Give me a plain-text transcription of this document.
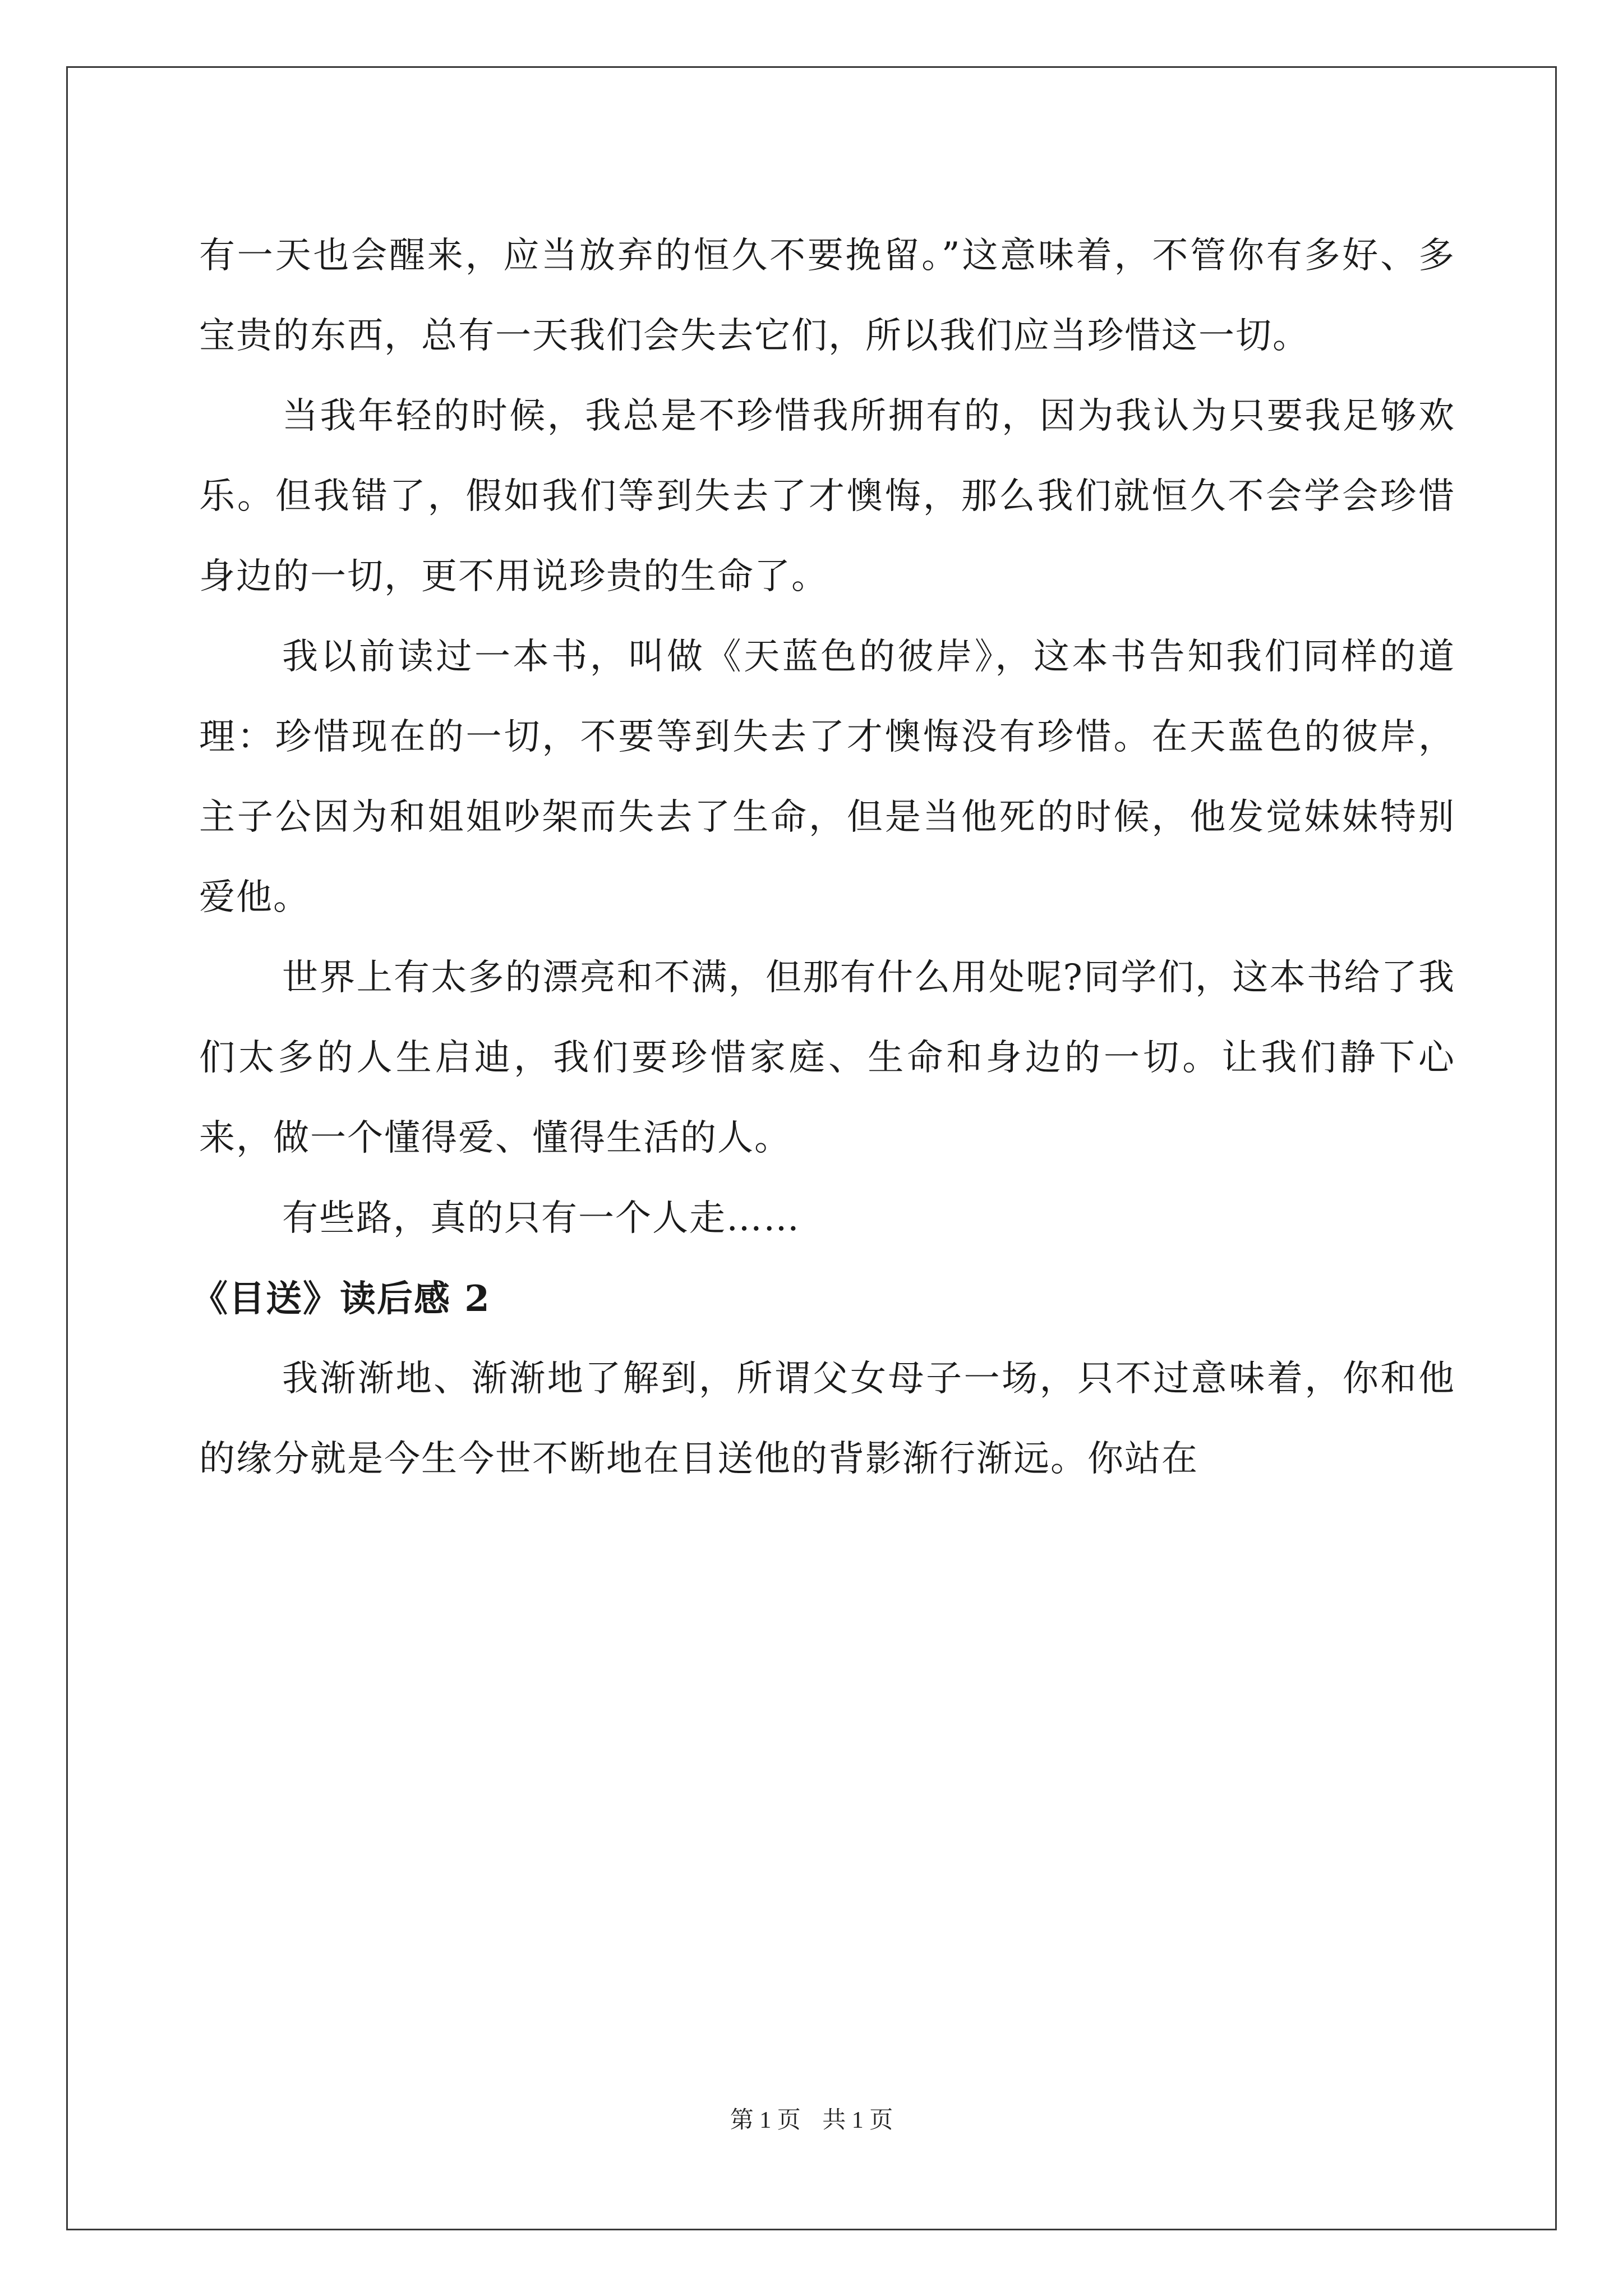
有一天也会醒来，应当放弃的恒久不要挽留。”这意味着，不管你有多好、多宝贵的东西，总有一天我们会失去它们，所以我们应当珍惜这一切。

当我年轻的时候，我总是不珍惜我所拥有的，因为我认为只要我足够欢乐。但我错了，假如我们等到失去了才懊悔，那么我们就恒久不会学会珍惜身边的一切，更不用说珍贵的生命了。

我以前读过一本书，叫做《天蓝色的彼岸》，这本书告知我们同样的道理：珍惜现在的一切，不要等到失去了才懊悔没有珍惜。在天蓝色的彼岸，主子公因为和姐姐吵架而失去了生命，但是当他死的时候，他发觉妹妹特别爱他。

世界上有太多的漂亮和不满，但那有什么用处呢?同学们，这本书给了我们太多的人生启迪，我们要珍惜家庭、生命和身边的一切。让我们静下心来，做一个懂得爱、懂得生活的人。

有些路，真的只有一个人走……

《目送》读后感 2

我渐渐地、渐渐地了解到，所谓父女母子一场，只不过意味着，你和他的缘分就是今生今世不断地在目送他的背影渐行渐远。你站在

第 1 页 共 1 页
